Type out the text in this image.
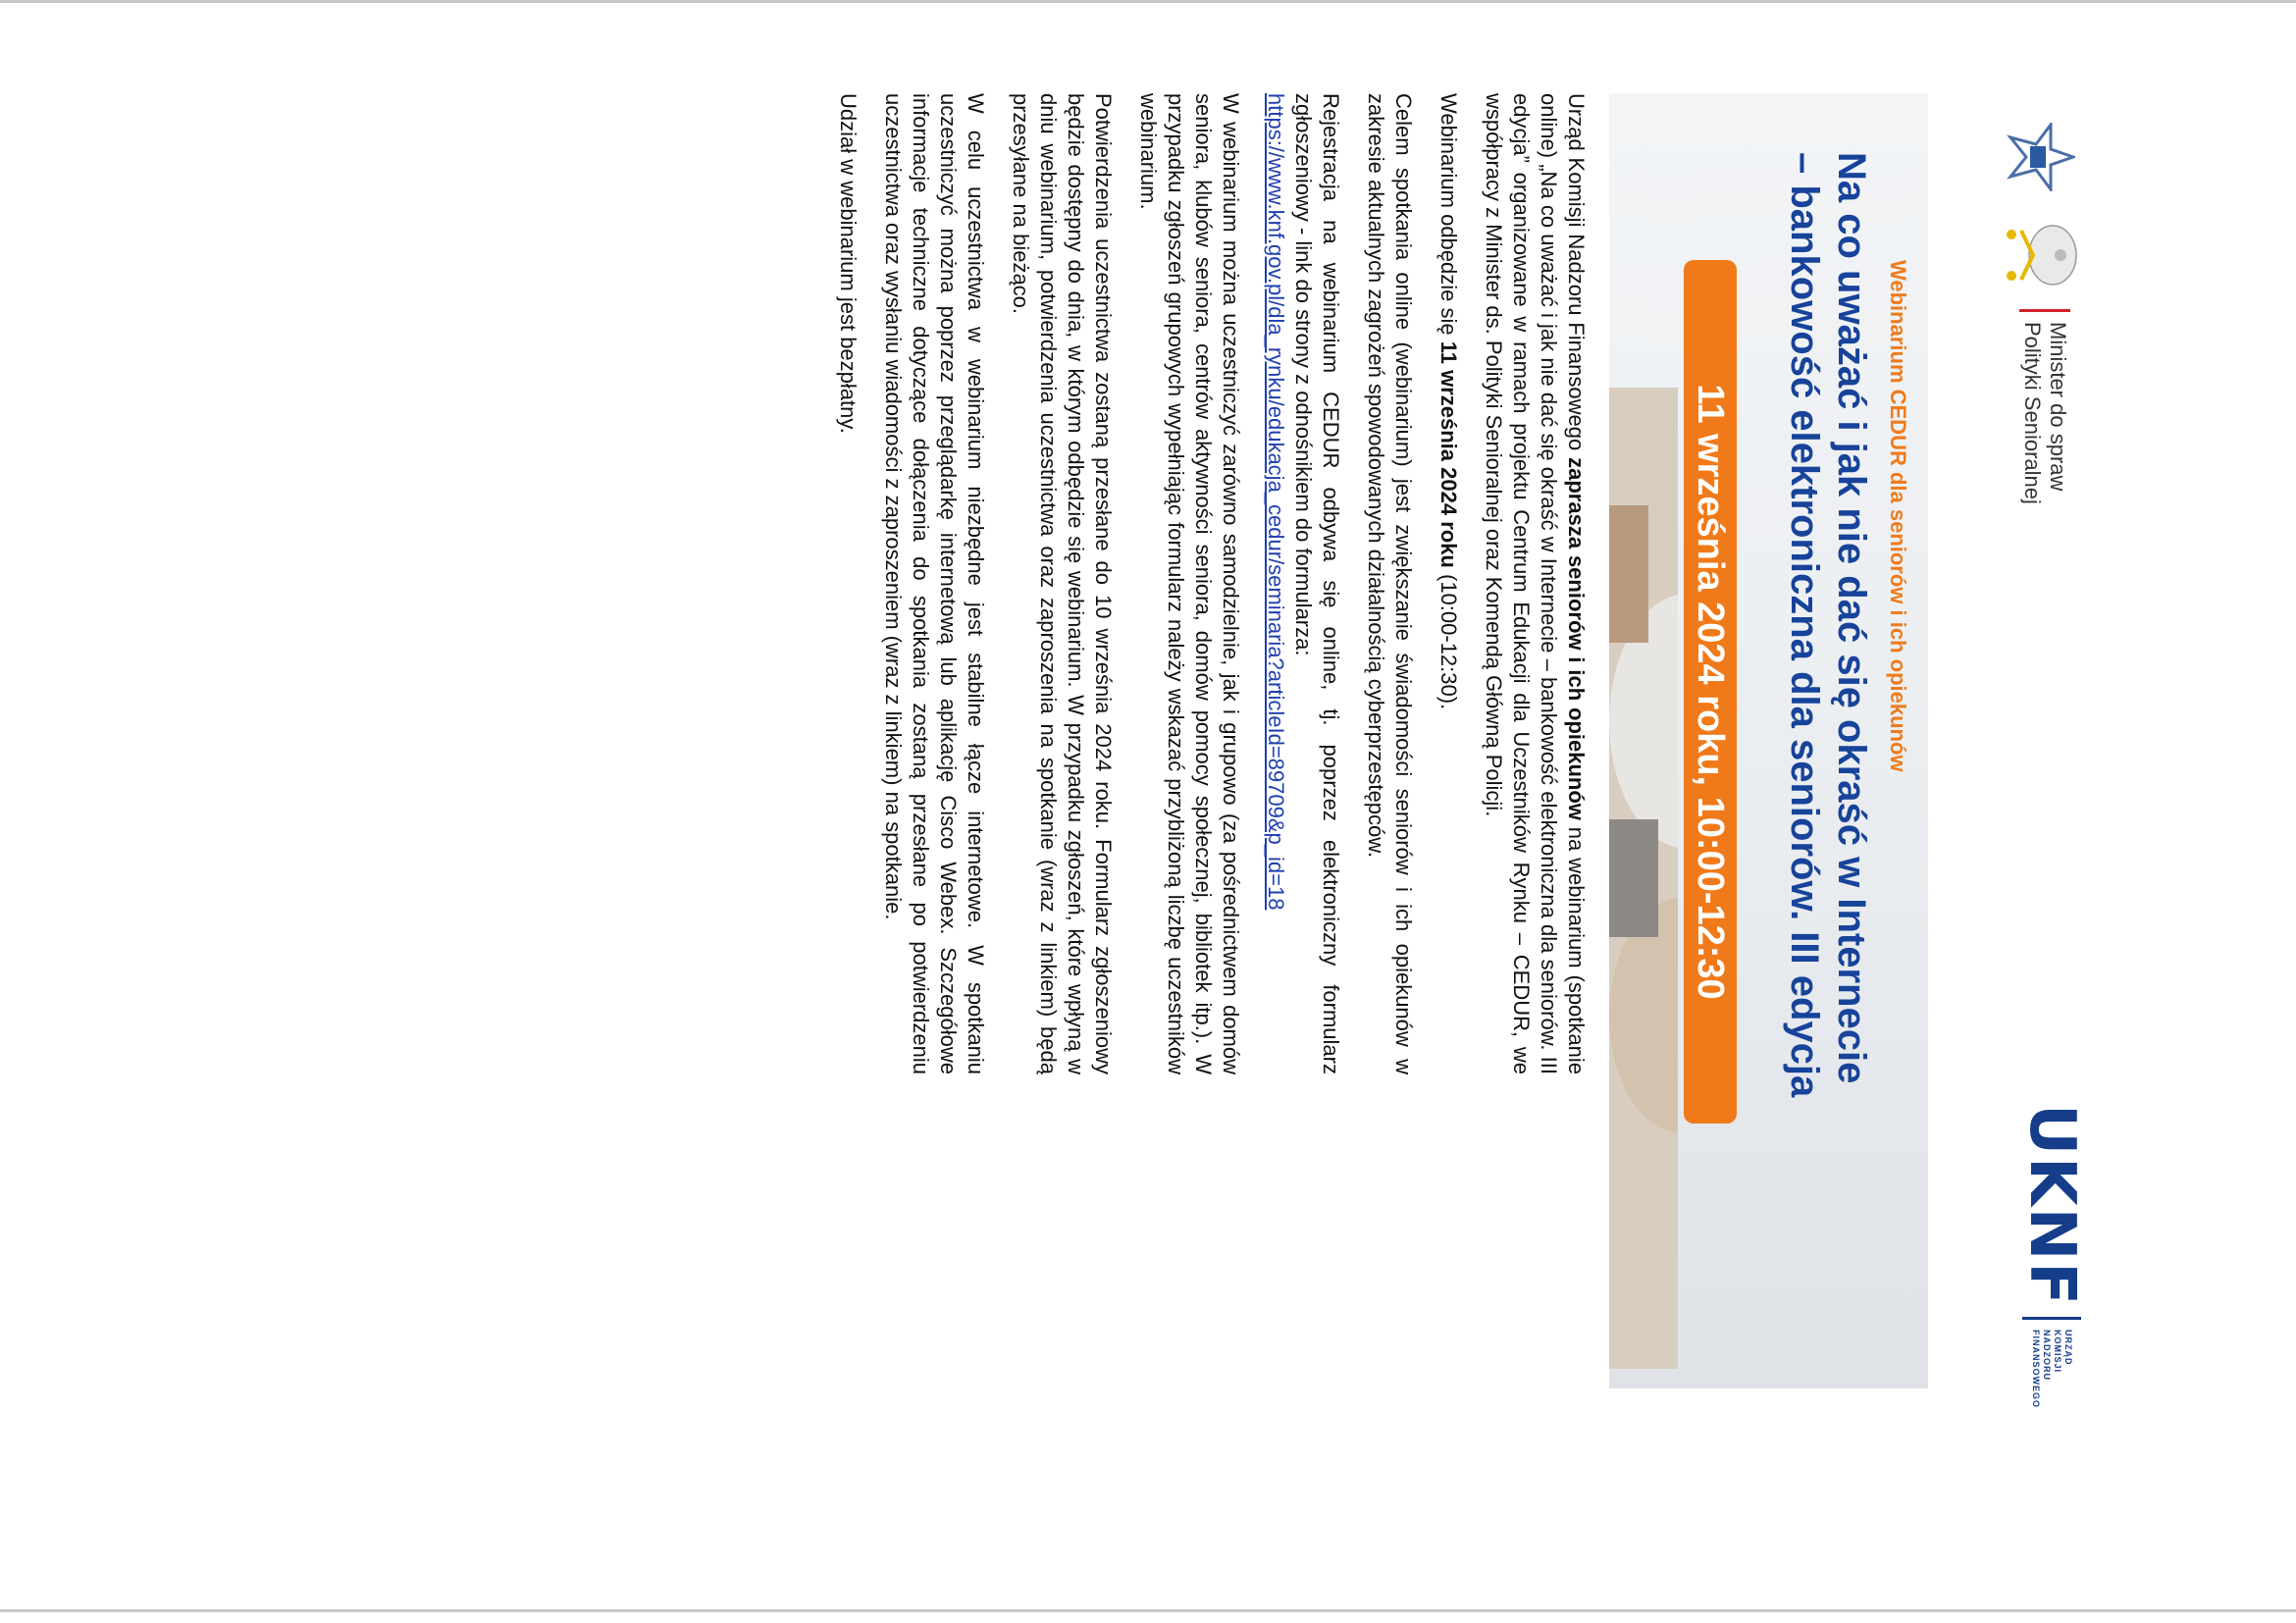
Minister do spraw
Polityki Senioralnej
UKNF
URZĄD
KOMISJI
NADZORU
FINANSOWEGO
Webinarium CEDUR dla seniorów i ich opiekunów
Na co uważać i jak nie dać się okraść w Internecie
– bankowość elektroniczna dla seniorów. III edycja
11 września 2024 roku, 10:00-12:30

Urząd Komisji Nadzoru Finansowego zaprasza seniorów i ich opiekunów na webinarium (spotkanie online) „Na co uważać i jak nie dać się okraść w Internecie – bankowość elektroniczna dla seniorów. III edycja” organizowane w ramach projektu Centrum Edukacji dla Uczestników Rynku – CEDUR, we współpracy z Minister ds. Polityki Senioralnej oraz Komendą Główną Policji.

Webinarium odbędzie się 11 września 2024 roku (10:00-12:30).

Celem spotkania online (webinarium) jest zwiększanie świadomości seniorów i ich opiekunów w zakresie aktualnych zagrożeń spowodowanych działalnością cyberprzestępców.

Rejestracja na webinarium CEDUR odbywa się online, tj. poprzez elektroniczny formularz zgłoszeniowy - link do strony z odnośnikiem do formularza:
https://www.knf.gov.pl/dla_rynku/edukacja_cedur/seminaria?articleId=89709&p_id=18

W webinarium można uczestniczyć zarówno samodzielnie, jak i grupowo (za pośrednictwem domów seniora, klubów seniora, centrów aktywności seniora, domów pomocy społecznej, bibliotek itp.). W przypadku zgłoszeń grupowych wypełniając formularz należy wskazać przybliżoną liczbę uczestników webinarium.

Potwierdzenia uczestnictwa zostaną przesłane do 10 września 2024 roku. Formularz zgłoszeniowy będzie dostępny do dnia, w którym odbędzie się webinarium. W przypadku zgłoszeń, które wpłyną w dniu webinarium, potwierdzenia uczestnictwa oraz zaproszenia na spotkanie (wraz z linkiem) będą przesyłane na bieżąco.

W celu uczestnictwa w webinarium niezbędne jest stabilne łącze internetowe. W spotkaniu uczestniczyć można poprzez przeglądarkę internetową lub aplikację Cisco Webex. Szczegółowe informacje techniczne dotyczące dołączenia do spotkania zostaną przesłane po potwierdzeniu uczestnictwa oraz wysłaniu wiadomości z zaproszeniem (wraz z linkiem) na spotkanie.

Udział w webinarium jest bezpłatny.
